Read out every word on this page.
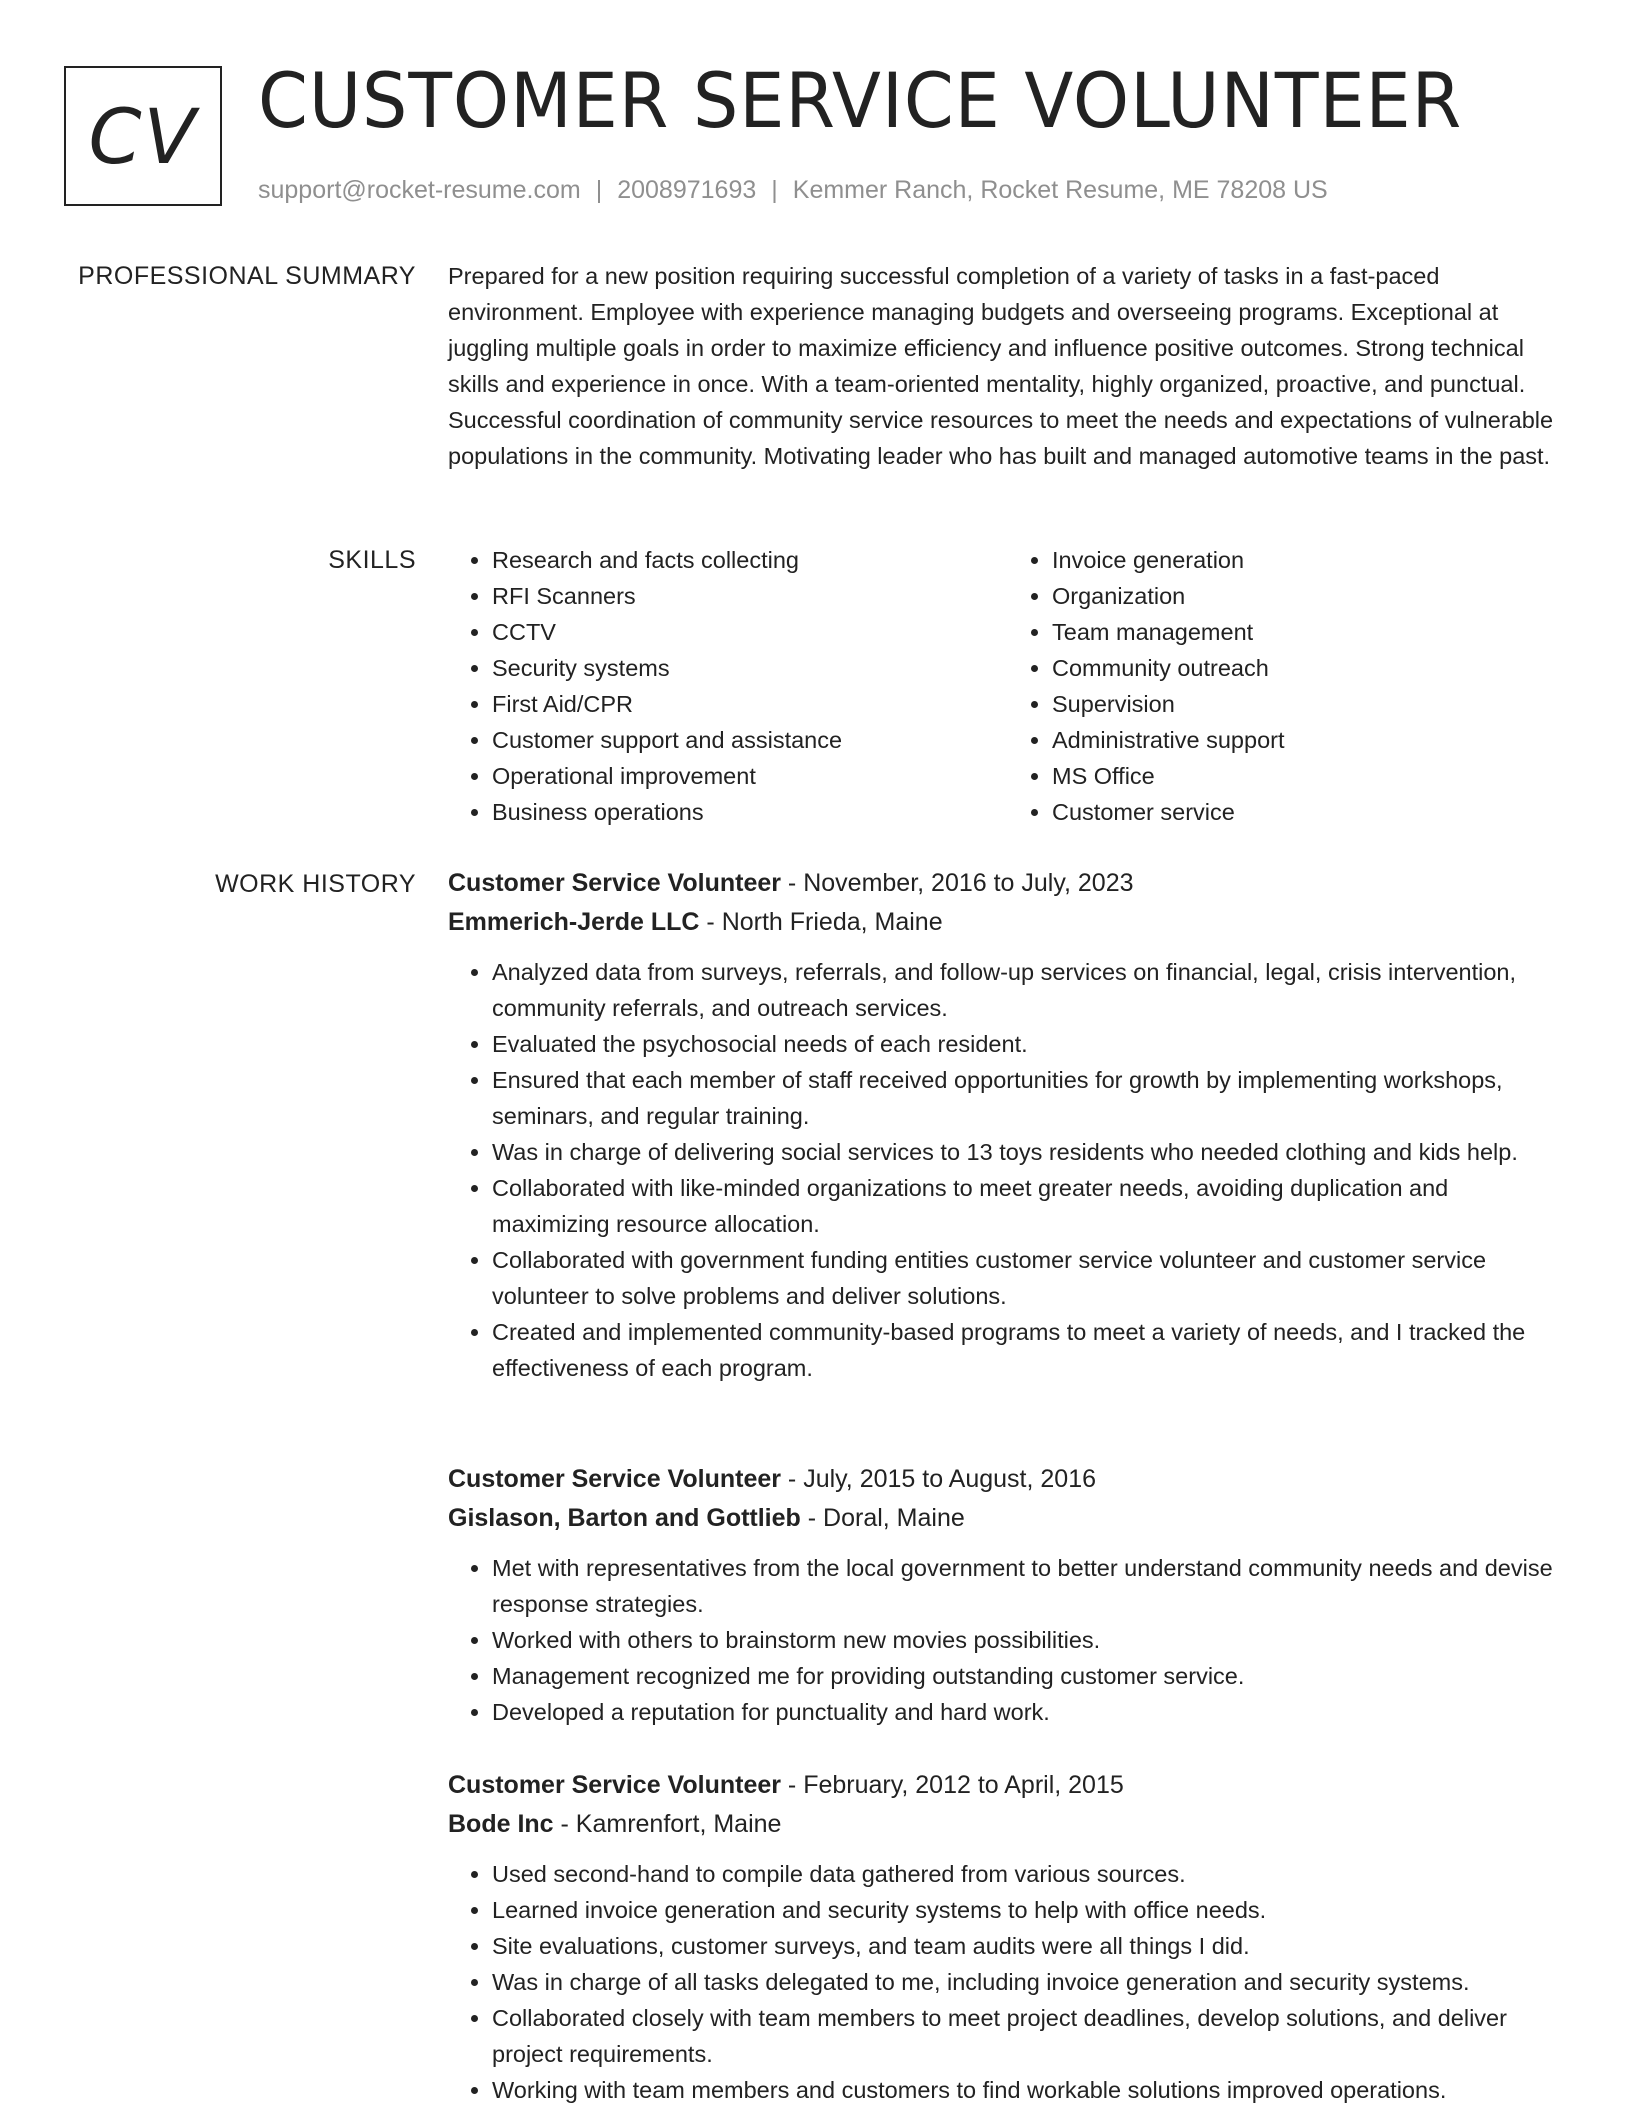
CV CUSTOMER SERVICE VOLUNTEER
support@rocket-resume.com | 2008971693 | Kemmer Ranch, Rocket Resume, ME 78208 US
PROFESSIONAL SUMMARY Prepared for a new position requiring successful completion of a variety of tasks in a fast-paced environment. Employee with experience managing budgets and overseeing programs. Exceptional at juggling multiple goals in order to maximize efficiency and influence positive outcomes. Strong technical skills and experience in once. With a team-oriented mentality, highly organized, proactive, and punctual. Successful coordination of community service resources to meet the needs and expectations of vulnerable populations in the community. Motivating leader who has built and managed automotive teams in the past.
SKILLS
•	Research and facts collecting
• RFI Scanners
• CCTV
• Security systems
• First Aid/CPR
• Customer support and assistance
• Operational improvement
• Business operations
• Invoice generation
• Organization
• Team management
• Community outreach
• Supervision
• Administrative support
• MS Office
• Customer service
WORK HISTORY Customer Service Volunteer - November, 2016 to July, 2023
Emmerich-Jerde LLC - North Frieda, Maine
• Analyzed data from surveys, referrals, and follow-up services on financial, legal, crisis intervention, community referrals, and outreach services.
• Evaluated the psychosocial needs of each resident.
• Ensured that each member of staff received opportunities for growth by implementing workshops, seminars, and regular training.
• Was in charge of delivering social services to 13 toys residents who needed clothing and kids help.
• Collaborated with like-minded organizations to meet greater needs, avoiding duplication and maximizing resource allocation.
• Collaborated with government funding entities customer service volunteer and customer service volunteer to solve problems and deliver solutions.
• Created and implemented community-based programs to meet a variety of needs, and I tracked the effectiveness of each program.
Customer Service Volunteer - July, 2015 to August, 2016
Gislason, Barton and Gottlieb - Doral, Maine
• Met with representatives from the local government to better understand community needs and devise response strategies.
• Worked with others to brainstorm new movies possibilities.
• Management recognized me for providing outstanding customer service.
• Developed a reputation for punctuality and hard work.
Customer Service Volunteer - February, 2012 to April, 2015
Bode Inc - Kamrenfort, Maine
• Used second-hand to compile data gathered from various sources.
• Learned invoice generation and security systems to help with office needs.
• Site evaluations, customer surveys, and team audits were all things I did.
• Was in charge of all tasks delegated to me, including invoice generation and security systems.
• Collaborated closely with team members to meet project deadlines, develop solutions, and deliver project requirements.
• Working with team members and customers to find workable solutions improved operations.
